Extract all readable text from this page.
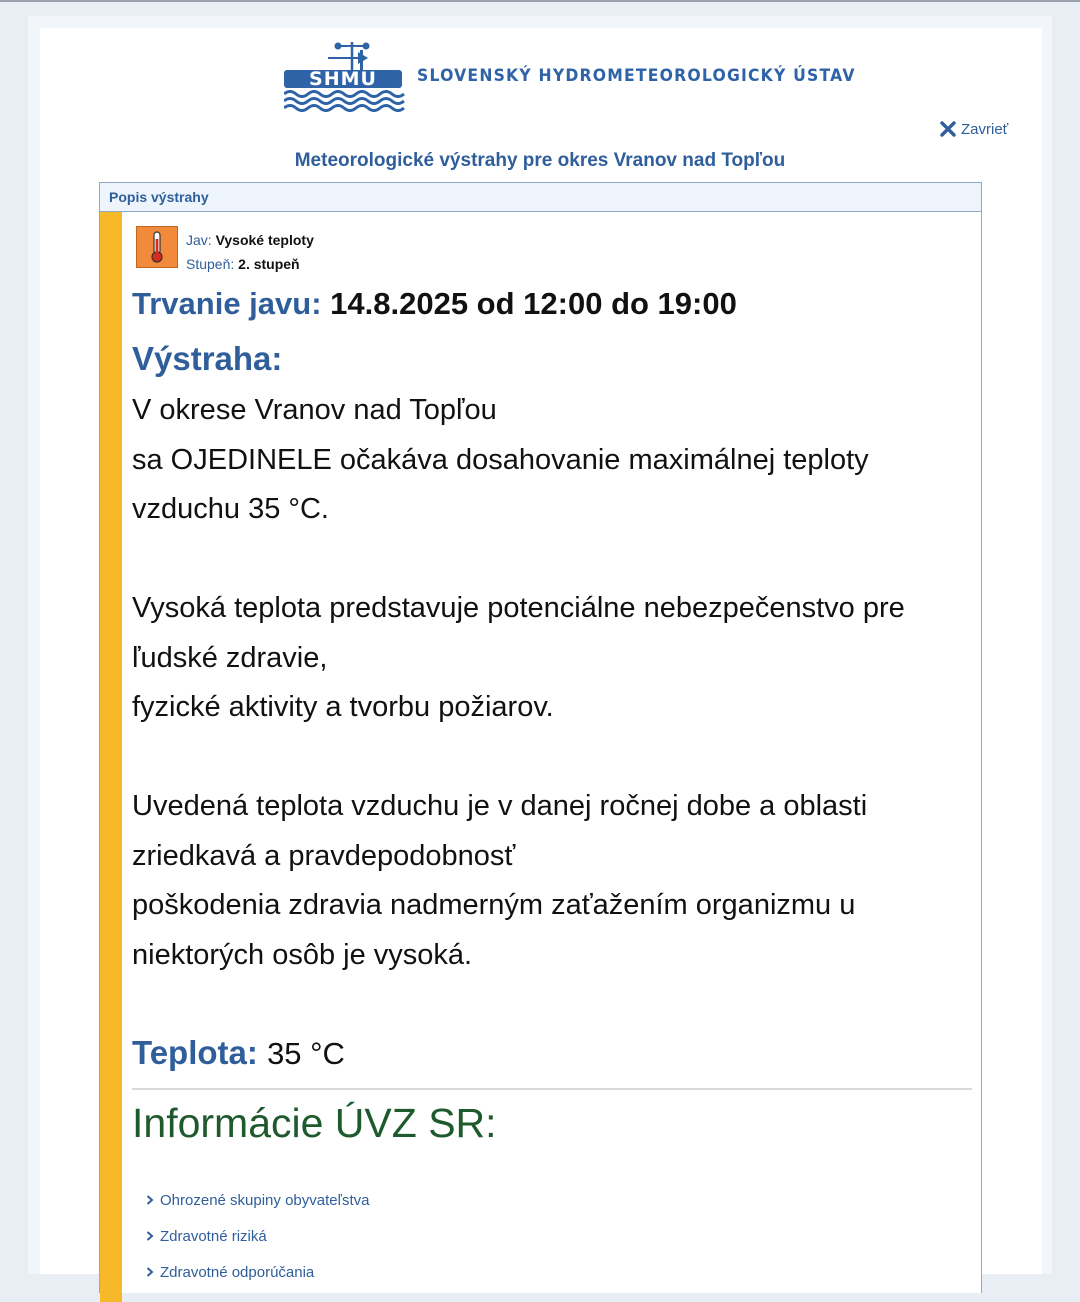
SHMÚ SLOVENSKÝ HYDROMETEOROLOGICKÝ ÚSTAV
Zavrieť
Meteorologické výstrahy pre okres Vranov nad Topľou
Popis výstrahy
Jav: Vysoké teploty
Stupeň: 2. stupeň
Trvanie javu: 14.8.2025 od 12:00 do 19:00
Výstraha:
V okrese Vranov nad Topľou
sa OJEDINELE očakáva dosahovanie maximálnej teploty vzduchu 35 °C.
Vysoká teplota predstavuje potenciálne nebezpečenstvo pre ľudské zdravie,
fyzické aktivity a tvorbu požiarov.
Uvedená teplota vzduchu je v danej ročnej dobe a oblasti zriedkavá a pravdepodobnosť
poškodenia zdravia nadmerným zaťažením organizmu u niektorých osôb je vysoká.
Teplota: 35 °C
Informácie ÚVZ SR:
Ohrozené skupiny obyvateľstva
Zdravotné riziká
Zdravotné odporúčania
